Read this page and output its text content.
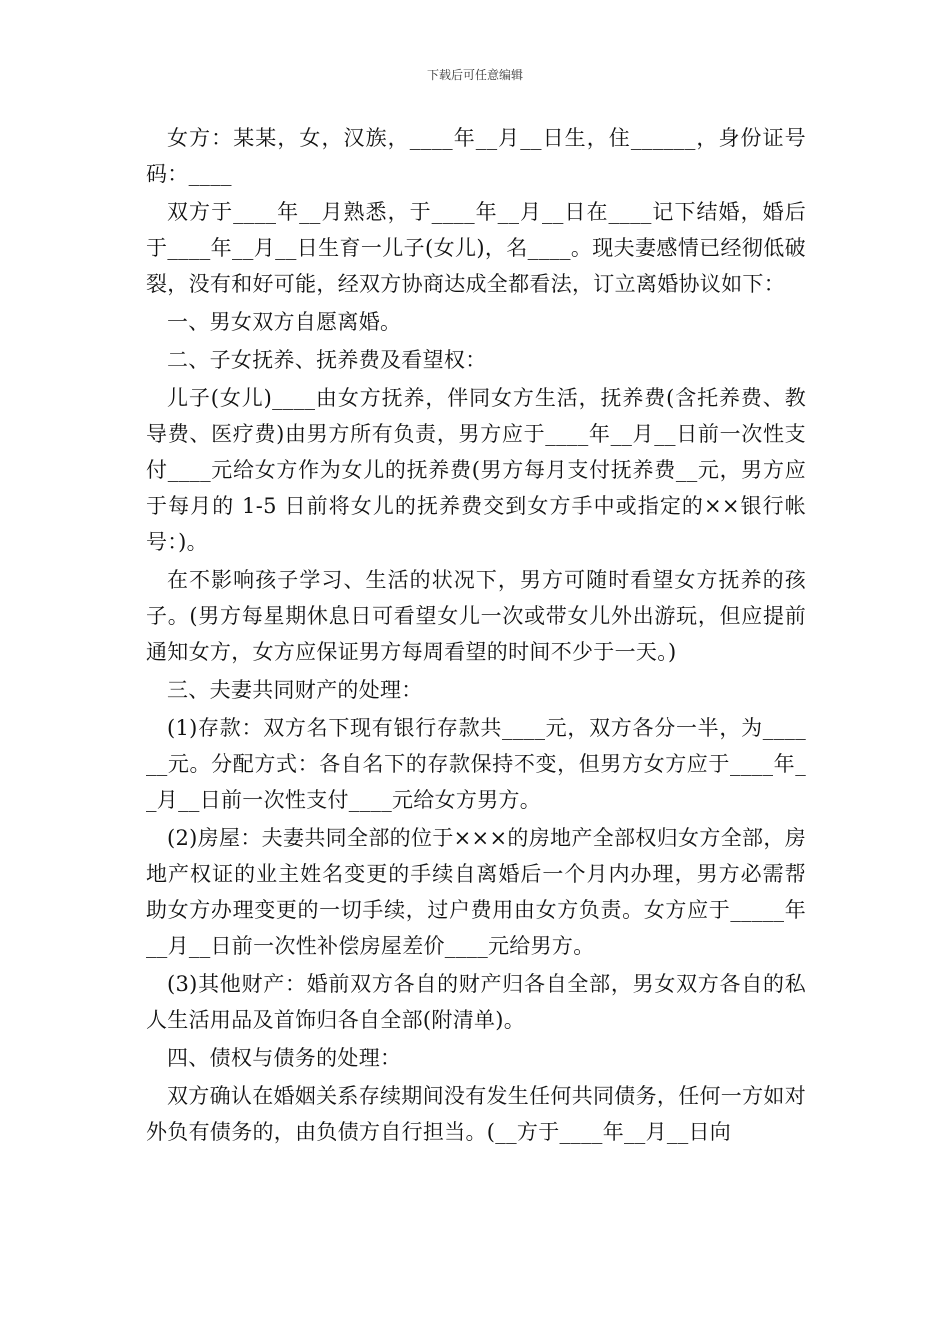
下载后可任意编辑

女方：某某，女，汉族，____年__月__日生，住______，身份证号码：____

双方于____年__月熟悉，于____年__月__日在____记下结婚，婚后于____年__月__日生育一儿子(女儿)，名____。现夫妻感情已经彻低破裂，没有和好可能，经双方协商达成全都看法，订立离婚协议如下：

一、男女双方自愿离婚。

二、子女抚养、抚养费及看望权：

儿子(女儿)____由女方抚养，伴同女方生活，抚养费(含托养费、教导费、医疗费)由男方所有负责，男方应于____年__月__日前一次性支付____元给女方作为女儿的抚养费(男方每月支付抚养费__元，男方应于每月的 1-5 日前将女儿的抚养费交到女方手中或指定的××银行帐号：)。

在不影响孩子学习、生活的状况下，男方可随时看望女方抚养的孩子。(男方每星期休息日可看望女儿一次或带女儿外出游玩，但应提前通知女方，女方应保证男方每周看望的时间不少于一天。)

三、夫妻共同财产的处理：

(1)存款：双方名下现有银行存款共____元，双方各分一半，为______元。分配方式：各自名下的存款保持不变，但男方女方应于____年__月__日前一次性支付____元给女方男方。

(2)房屋：夫妻共同全部的位于×××的房地产全部权归女方全部，房地产权证的业主姓名变更的手续自离婚后一个月内办理，男方必需帮助女方办理变更的一切手续，过户费用由女方负责。女方应于_____年__月__日前一次性补偿房屋差价____元给男方。

(3)其他财产：婚前双方各自的财产归各自全部，男女双方各自的私人生活用品及首饰归各自全部(附清单)。

四、债权与债务的处理：

双方确认在婚姻关系存续期间没有发生任何共同债务，任何一方如对外负有债务的，由负债方自行担当。(__方于____年__月__日向
